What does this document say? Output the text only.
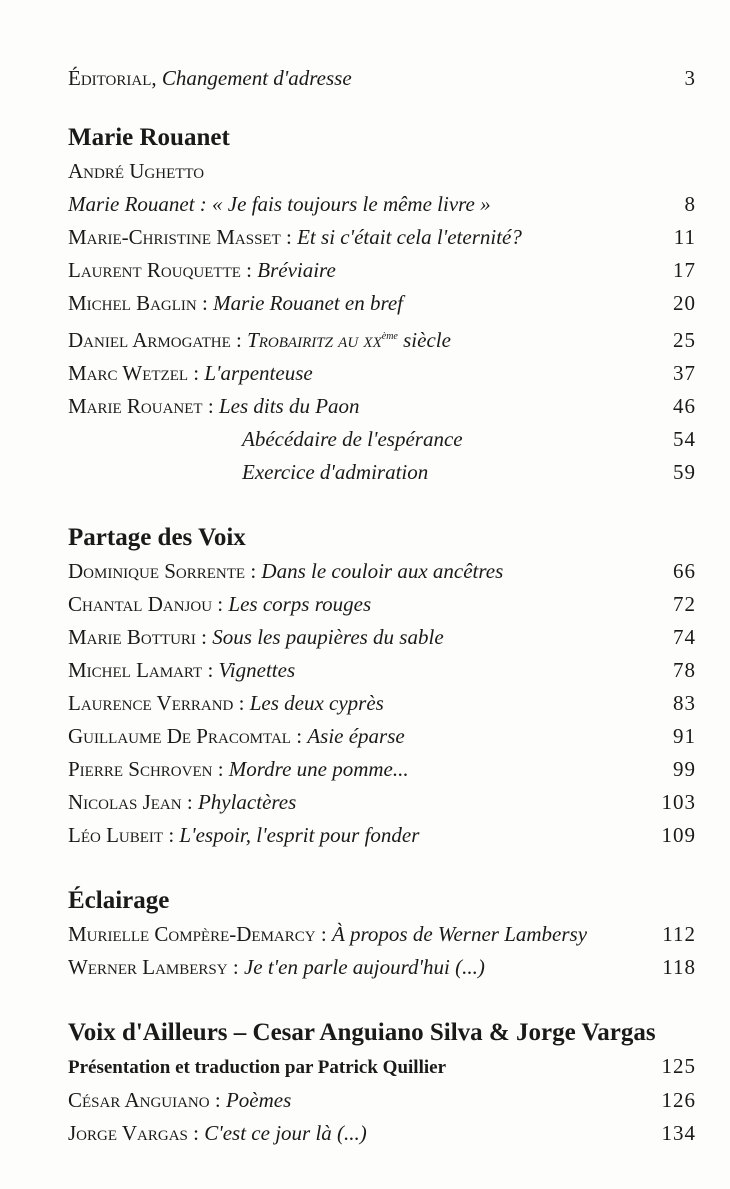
Éditorial, Changement d'adresse	3
Marie Rouanet
André Ughetto
Marie Rouanet : « Je fais toujours le même livre »	8
Marie-Christine Masset : Et si c'était cela l'eternité?	11
Laurent Rouquette : Bréviaire	17
Michel Baglin : Marie Rouanet en bref	20
Daniel Armogathe : Trobairitz au $xx^{ème}$ siècle	25
Marc Wetzel : L'arpenteuse	37
Marie Rouanet : Les dits du Paon	46
Abécédaire de l'espérance	54
Exercice d'admiration	59
Partage des Voix
Dominique Sorrente : Dans le couloir aux ancêtres	66
Chantal Danjou : Les corps rouges	72
Marie Botturi : Sous les paupières du sable	74
Michel Lamart : Vignettes	78
Laurence Verrand : Les deux cyprès	83
Guillaume De Pracomtal : Asie éparse	91
Pierre Schroven : Mordre une pomme...	99
Nicolas Jean : Phylactères	103
Léo Lubeit : L'espoir, l'esprit pour fonder	109
Éclairage
Murielle Compère-Demarcy : À propos de Werner Lambersy	112
Werner Lambersy : Je t'en parle aujourd'hui (...)	118
Voix d'Ailleurs – Cesar Anguiano Silva & Jorge Vargas
Présentation et traduction par Patrick Quillier	125
César Anguiano : Poèmes	126
Jorge Vargas : C'est ce jour là (...)	134
